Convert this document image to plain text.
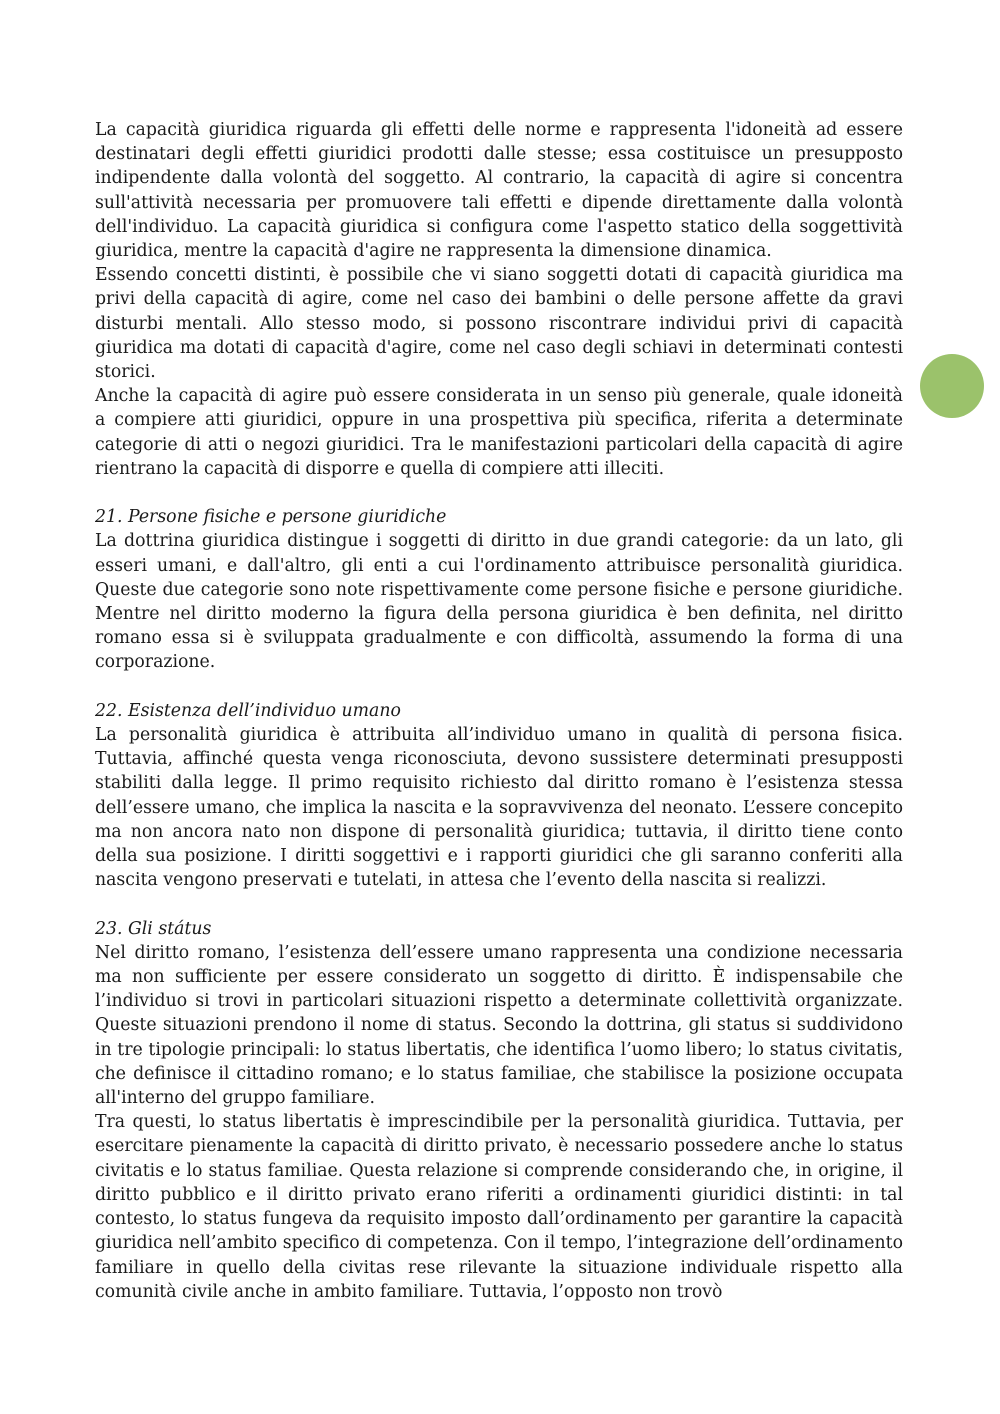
La capacità giuridica riguarda gli effetti delle norme e rappresenta l'idoneità ad essere destinatari degli effetti giuridici prodotti dalle stesse; essa costituisce un presupposto indipendente dalla volontà del soggetto. Al contrario, la capacità di agire si concentra sull'attività necessaria per promuovere tali effetti e dipende direttamente dalla volontà dell'individuo. La capacità giuridica si configura come l'aspetto statico della soggettività giuridica, mentre la capacità d'agire ne rappresenta la dimensione dinamica.

Essendo concetti distinti, è possibile che vi siano soggetti dotati di capacità giuridica ma privi della capacità di agire, come nel caso dei bambini o delle persone affette da gravi disturbi mentali. Allo stesso modo, si possono riscontrare individui privi di capacità giuridica ma dotati di capacità d'agire, come nel caso degli schiavi in determinati contesti storici.

Anche la capacità di agire può essere considerata in un senso più generale, quale idoneità a compiere atti giuridici, oppure in una prospettiva più specifica, riferita a determinate categorie di atti o negozi giuridici. Tra le manifestazioni particolari della capacità di agire rientrano la capacità di disporre e quella di compiere atti illeciti.

21. Persone fisiche e persone giuridiche

La dottrina giuridica distingue i soggetti di diritto in due grandi categorie: da un lato, gli esseri umani, e dall'altro, gli enti a cui l'ordinamento attribuisce personalità giuridica. Queste due categorie sono note rispettivamente come persone fisiche e persone giuridiche. Mentre nel diritto moderno la figura della persona giuridica è ben definita, nel diritto romano essa si è sviluppata gradualmente e con difficoltà, assumendo la forma di una corporazione.

22. Esistenza dell’individuo umano

La personalità giuridica è attribuita all’individuo umano in qualità di persona fisica. Tuttavia, affinché questa venga riconosciuta, devono sussistere determinati presupposti stabiliti dalla legge. Il primo requisito richiesto dal diritto romano è l’esistenza stessa dell’essere umano, che implica la nascita e la sopravvivenza del neonato. L’essere concepito ma non ancora nato non dispone di personalità giuridica; tuttavia, il diritto tiene conto della sua posizione. I diritti soggettivi e i rapporti giuridici che gli saranno conferiti alla nascita vengono preservati e tutelati, in attesa che l’evento della nascita si realizzi.

23. Gli státus

Nel diritto romano, l’esistenza dell’essere umano rappresenta una condizione necessaria ma non sufficiente per essere considerato un soggetto di diritto. È indispensabile che l’individuo si trovi in particolari situazioni rispetto a determinate collettività organizzate. Queste situazioni prendono il nome di status. Secondo la dottrina, gli status si suddividono in tre tipologie principali: lo status libertatis, che identifica l’uomo libero; lo status civitatis, che definisce il cittadino romano; e lo status familiae, che stabilisce la posizione occupata all'interno del gruppo familiare.

Tra questi, lo status libertatis è imprescindibile per la personalità giuridica. Tuttavia, per esercitare pienamente la capacità di diritto privato, è necessario possedere anche lo status civitatis e lo status familiae. Questa relazione si comprende considerando che, in origine, il diritto pubblico e il diritto privato erano riferiti a ordinamenti giuridici distinti: in tal contesto, lo status fungeva da requisito imposto dall’ordinamento per garantire la capacità giuridica nell’ambito specifico di competenza. Con il tempo, l’integrazione dell’ordinamento familiare in quello della civitas rese rilevante la situazione individuale rispetto alla comunità civile anche in ambito familiare. Tuttavia, l’opposto non trovò
